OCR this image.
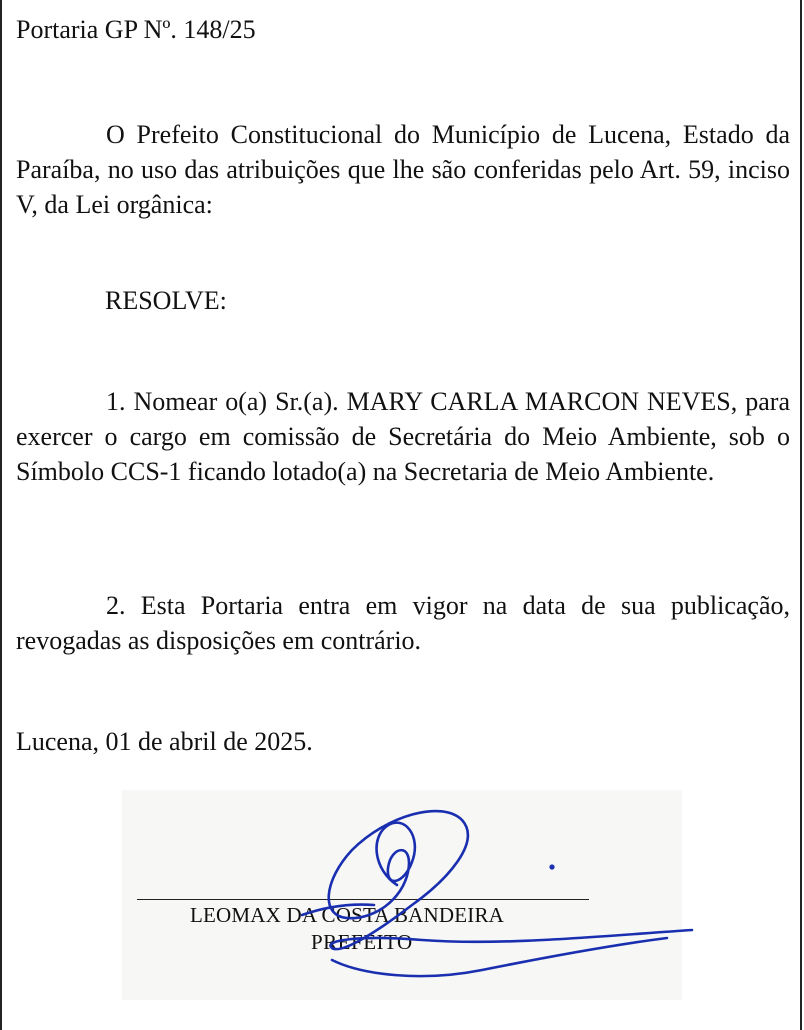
Portaria GP Nº. 148/25

O Prefeito Constitucional do Município de Lucena, Estado da Paraíba, no uso das atribuições que lhe são conferidas pelo Art. 59, inciso V, da Lei orgânica:

RESOLVE:

1. Nomear o(a) Sr.(a). MARY CARLA MARCON NEVES, para exercer o cargo em comissão de Secretária do Meio Ambiente, sob o Símbolo CCS-1 ficando lotado(a) na Secretaria de Meio Ambiente.

2. Esta Portaria entra em vigor na data de sua publicação, revogadas as disposições em contrário.

Lucena, 01 de abril de 2025.

LEOMAX DA COSTA BANDEIRA

PREFEITO
